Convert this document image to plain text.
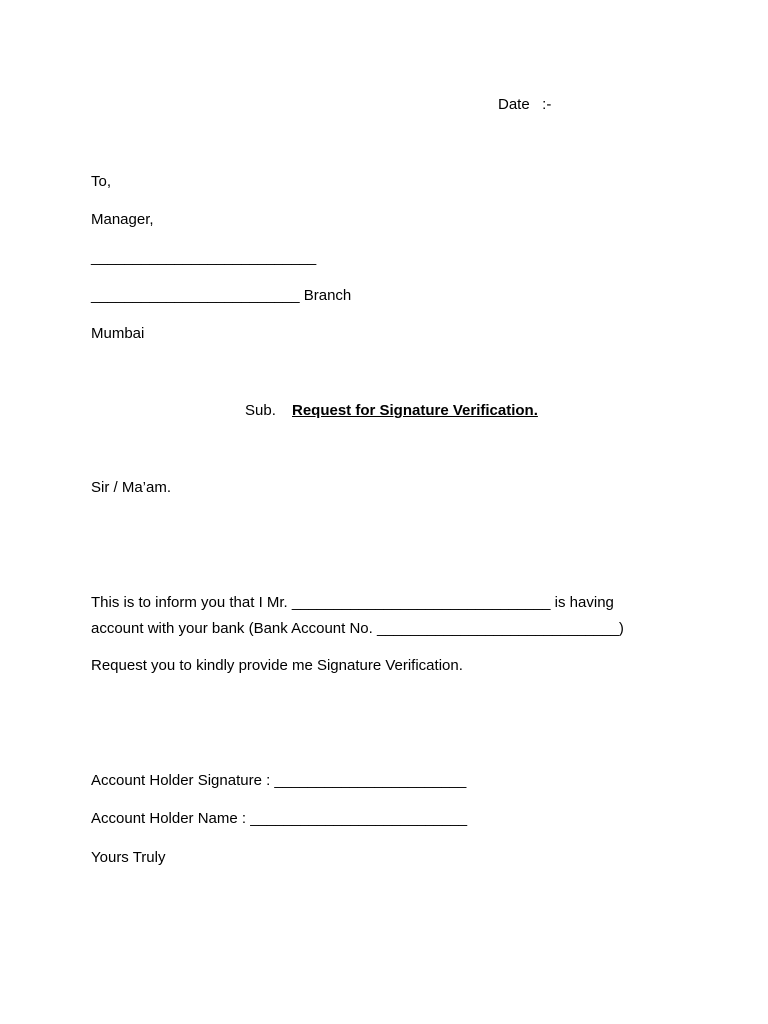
Date   :-
To,
Manager,
___________________________
_________________________ Branch
Mumbai
Sub. Request for Signature Verification.
Sir / Ma’am.
This is to inform you that I Mr. _______________________________ is having
account with your bank (Bank Account No. _____________________________)
Request you to kindly provide me Signature Verification.
Account Holder Signature : _______________________
Account Holder Name : __________________________
Yours Truly
